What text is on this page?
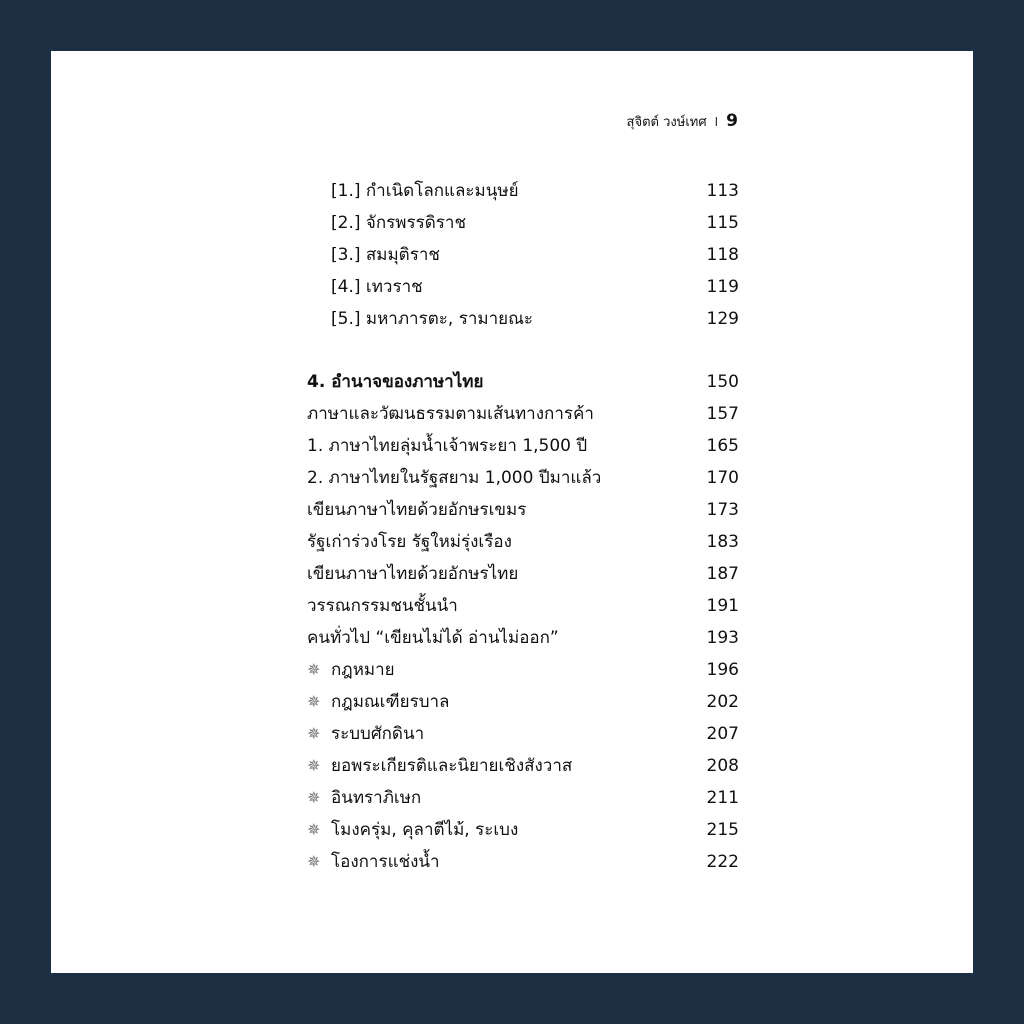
สุจิตต์ วงษ์เทศ I 9
[1.] กำเนิดโลกและมนุษย์	113
[2.] จักรพรรดิราช	115
[3.] สมมุติราช	118
[4.] เทวราช	119
[5.] มหาภารตะ, รามายณะ	129
4. อำนาจของภาษาไทย	150
ภาษาและวัฒนธรรมตามเส้นทางการค้า	157
1. ภาษาไทยลุ่มน้ำเจ้าพระยา 1,500 ปี	165
2. ภาษาไทยในรัฐสยาม 1,000 ปีมาแล้ว	170
เขียนภาษาไทยด้วยอักษรเขมร	173
รัฐเก่าร่วงโรย รัฐใหม่รุ่งเรือง	183
เขียนภาษาไทยด้วยอักษรไทย	187
วรรณกรรมชนชั้นนำ	191
คนทั่วไป “เขียนไม่ได้ อ่านไม่ออก”	193
✵ กฎหมาย	196
✵ กฎมณเฑียรบาล	202
✵ ระบบศักดินา	207
✵ ยอพระเกียรติและนิยายเชิงสังวาส	208
✵ อินทราภิเษก	211
✵ โมงครุ่ม, คุลาตีไม้, ระเบง	215
✵ โองการแช่งน้ำ	222
